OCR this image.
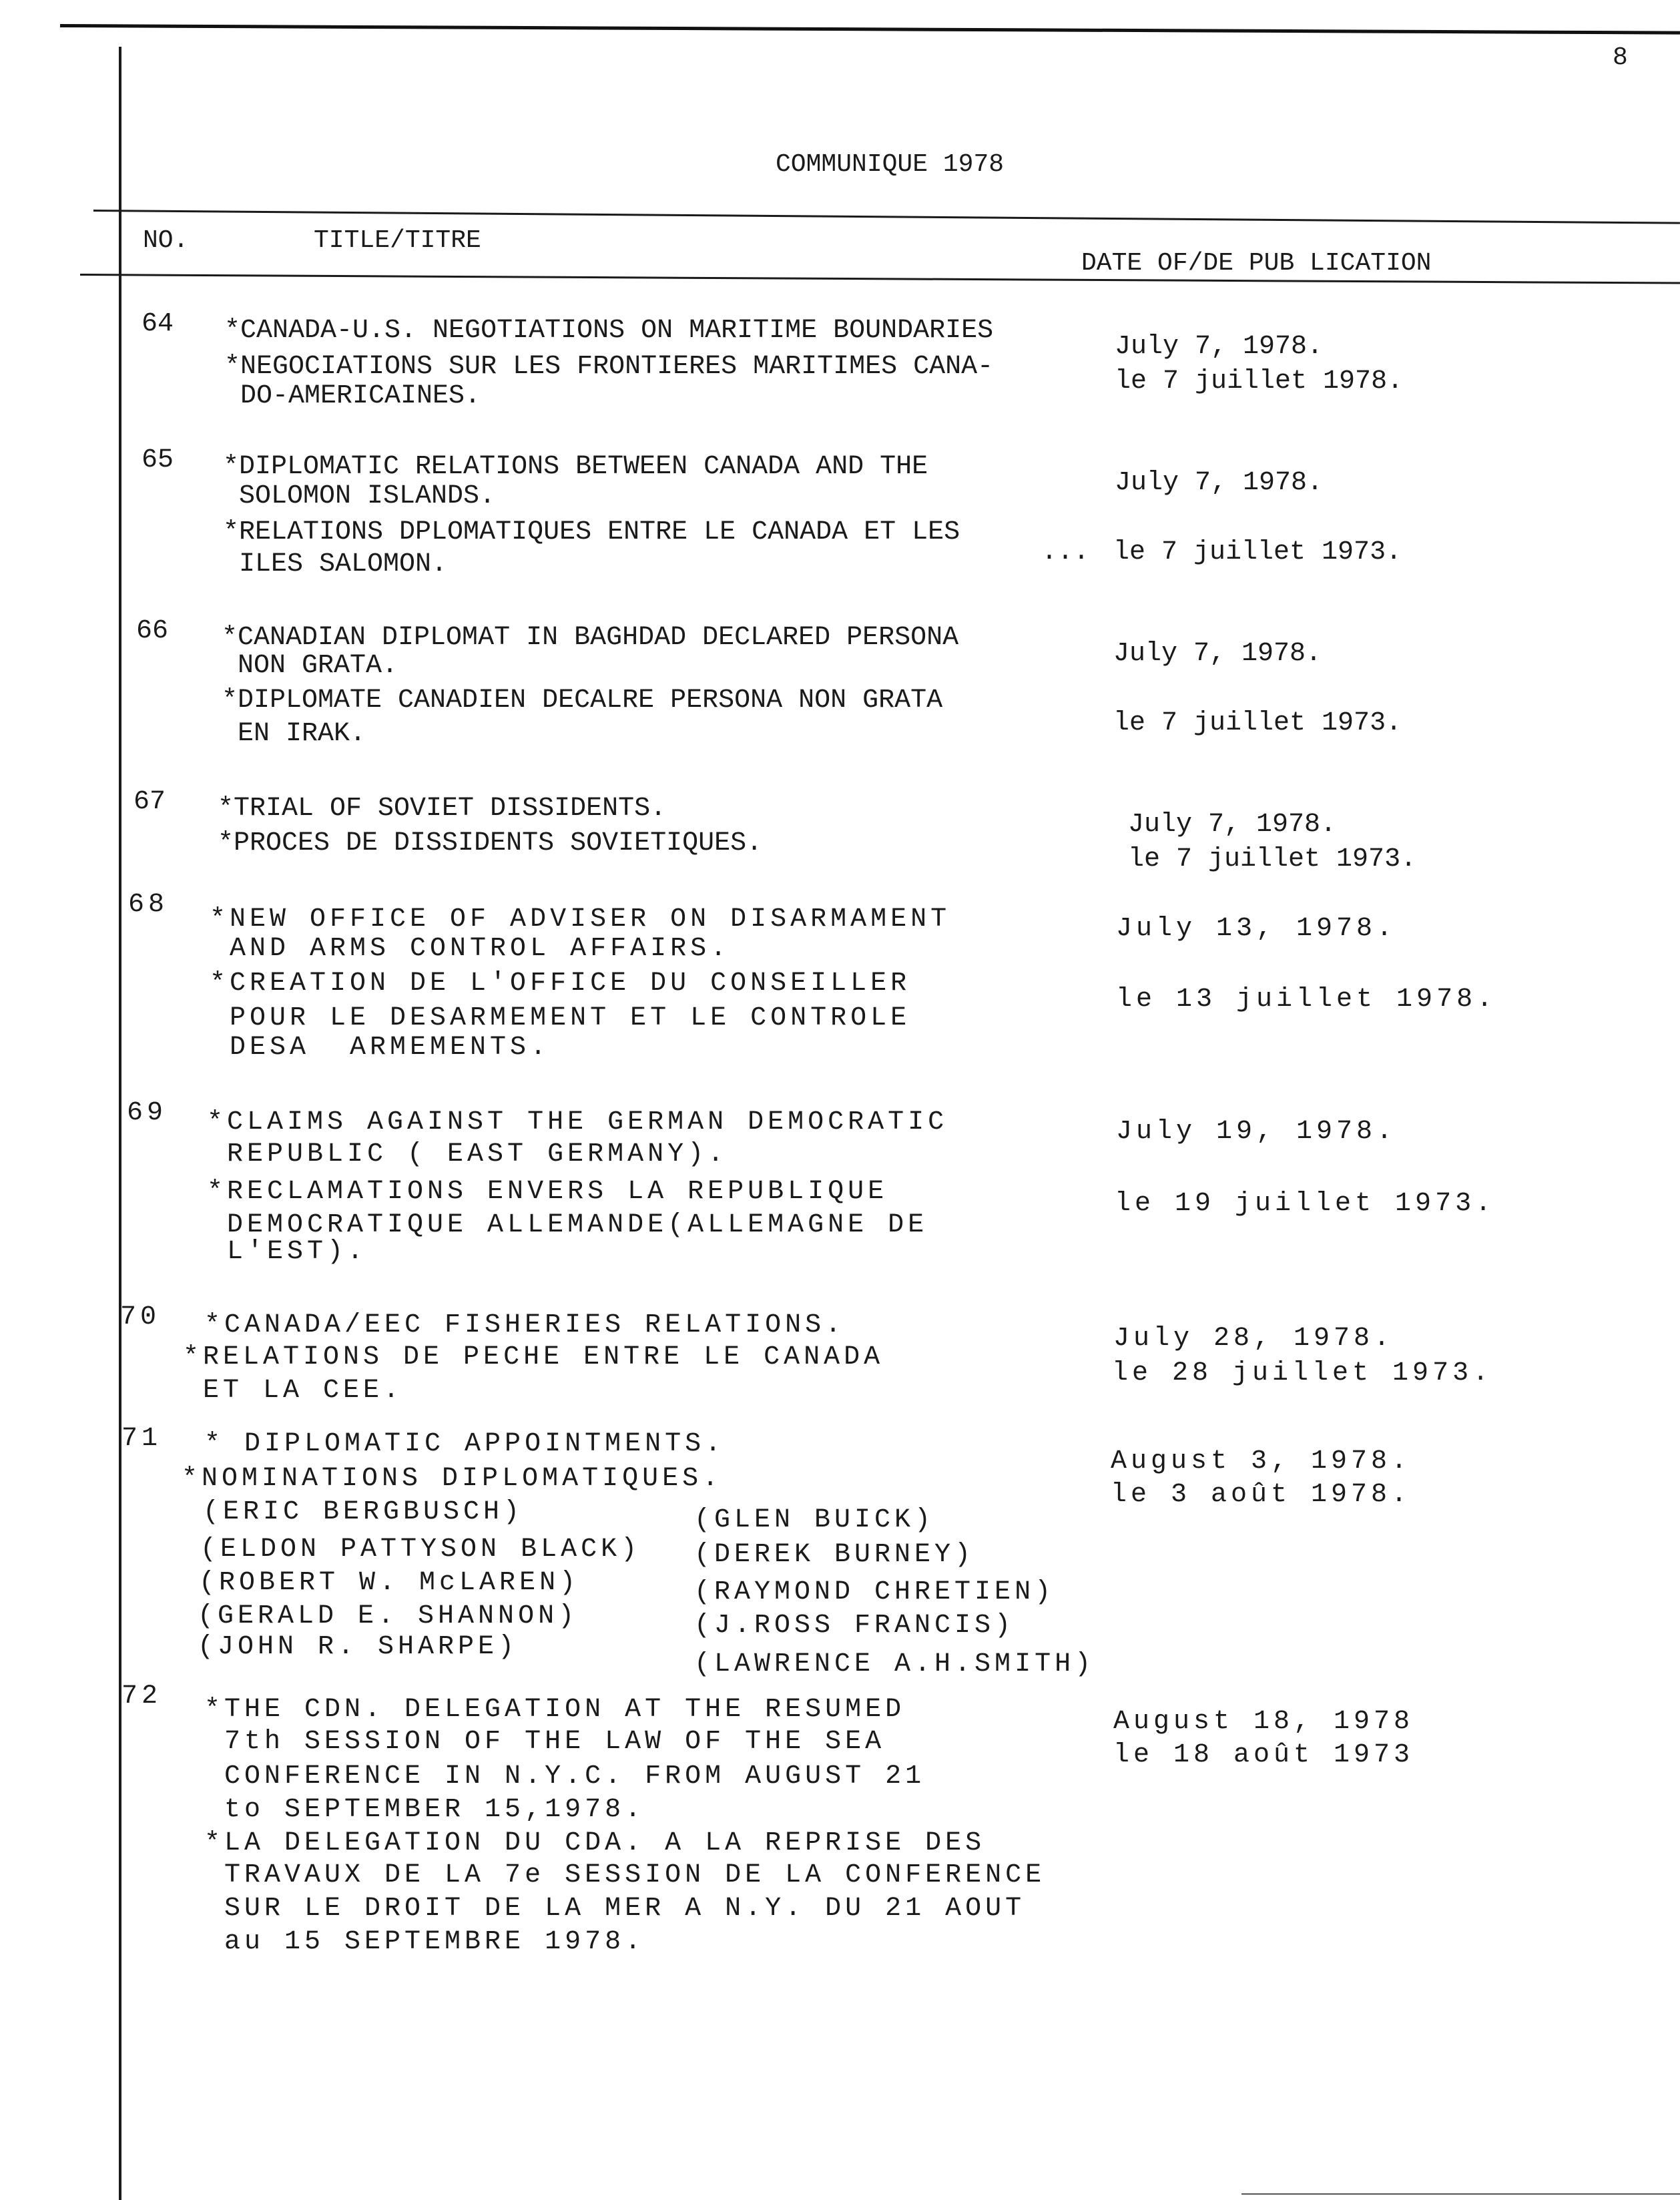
8
COMMUNIQUE 1978
NO.	TITLE/TITRE
DATE OF/DE PUB LICATION
64 *CANADA-U.S. NEGOTIATIONS ON MARITIME BOUNDARIES
*NEGOCIATIONS SUR LES FRONTIERES MARITIMES CANA-
DO-AMERICAINES.
July 7, 1978.
le 7 juillet 1978.
65 *DIPLOMATIC RELATIONS BETWEEN CANADA AND THE
SOLOMON ISLANDS.
*RELATIONS DPLOMATIQUES ENTRE LE CANADA ET LES
ILES SALOMON.	...
July 7, 1978.
le 7 juillet 1973.
66 *CANADIAN DIPLOMAT IN BAGHDAD DECLARED PERSONA
NON GRATA.
*DIPLOMATE CANADIEN DECALRE PERSONA NON GRATA
EN IRAK.
July 7, 1978.
le 7 juillet 1973.
67 *TRIAL OF SOVIET DISSIDENTS.
*PROCES DE DISSIDENTS SOVIETIQUES.
July 7, 1978.
le 7 juillet 1973.
68 *NEW OFFICE OF ADVISER ON DISARMAMENT
AND ARMS CONTROL AFFAIRS.
*CREATION DE L'OFFICE DU CONSEILLER
POUR LE DESARMEMENT ET LE CONTROLE
DESA  ARMEMENTS.
July 13, 1978.
le 13 juillet 1978.
69 *CLAIMS AGAINST THE GERMAN DEMOCRATIC
REPUBLIC ( EAST GERMANY).
*RECLAMATIONS ENVERS LA REPUBLIQUE
DEMOCRATIQUE ALLEMANDE(ALLEMAGNE DE
L'EST).
July 19, 1978.
le 19 juillet 1973.
70 *CANADA/EEC FISHERIES RELATIONS.
*RELATIONS DE PECHE ENTRE LE CANADA
ET LA CEE.
July 28, 1978.
le 28 juillet 1973.
71 * DIPLOMATIC APPOINTMENTS.
*NOMINATIONS DIPLOMATIQUES.
(ERIC BERGBUSCH)
(ELDON PATTYSON BLACK)
(ROBERT W. McLAREN)
(GERALD E. SHANNON)
(JOHN R. SHARPE)
(GLEN BUICK)
(DEREK BURNEY)
(RAYMOND CHRETIEN)
(J.ROSS FRANCIS)
(LAWRENCE A.H.SMITH)
August 3, 1978.
le 3 août 1978.
72 *THE CDN. DELEGATION AT THE RESUMED
7th SESSION OF THE LAW OF THE SEA
CONFERENCE IN N.Y.C. FROM AUGUST 21
to SEPTEMBER 15,1978.
*LA DELEGATION DU CDA. A LA REPRISE DES
TRAVAUX DE LA 7e SESSION DE LA CONFERENCE
SUR LE DROIT DE LA MER A N.Y. DU 21 AOUT
au 15 SEPTEMBRE 1978.
August 18, 1978
le 18 août 1973
